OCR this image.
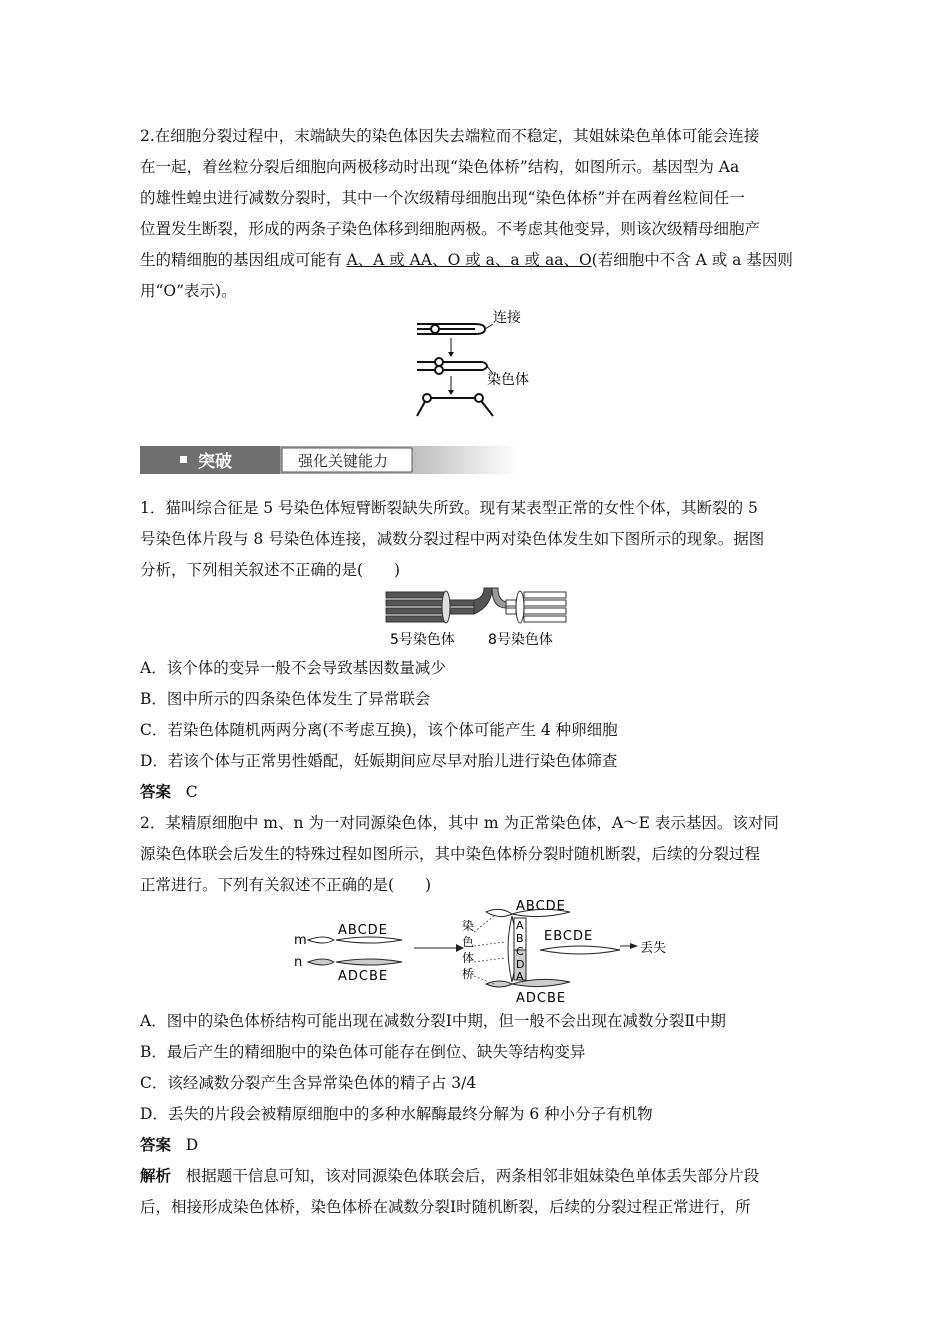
2.在细胞分裂过程中，末端缺失的染色体因失去端粒而不稳定，其姐妹染色单体可能会连接
在一起，着丝粒分裂后细胞向两极移动时出现“染色体桥”结构，如图所示。基因型为 Aa
的雄性蝗虫进行减数分裂时，其中一个次级精母细胞出现“染色体桥”并在两着丝粒间任一
位置发生断裂，形成的两条子染色体移到细胞两极。不考虑其他变异，则该次级精母细胞产
生的精细胞的基因组成可能有 A、A 或 AA、O 或 a、a 或 aa、O(若细胞中不含 A 或 a 基因则
用“O”表示)。
连接
染色体
突破	强化关键能力
1．猫叫综合征是 5 号染色体短臂断裂缺失所致。现有某表型正常的女性个体，其断裂的 5
号染色体片段与 8 号染色体连接，减数分裂过程中两对染色体发生如下图所示的现象。据图
分析，下列相关叙述不正确的是(　　)
5号染色体 8号染色体
A．该个体的变异一般不会导致基因数量减少
B．图中所示的四条染色体发生了异常联会
C．若染色体随机两两分离(不考虑互换)，该个体可能产生 4 种卵细胞
D．若该个体与正常男性婚配，妊娠期间应尽早对胎儿进行染色体筛查
答案 C
2．某精原细胞中 m、n 为一对同源染色体，其中 m 为正常染色体，A～E 表示基因。该对同
源染色体联会后发生的特殊过程如图所示，其中染色体桥分裂时随机断裂，后续的分裂过程
正常进行。下列有关叙述不正确的是(　　)
m
n
ABCDE
ADCBE
染
色
体
桥
ABCDE
ADCBE
A
B
C
D
A
EBCDE
丢失
A．图中的染色体桥结构可能出现在减数分裂Ⅰ中期，但一般不会出现在减数分裂Ⅱ中期
B．最后产生的精细胞中的染色体可能存在倒位、缺失等结构变异
C．该经减数分裂产生含异常染色体的精子占 3/4
D．丢失的片段会被精原细胞中的多种水解酶最终分解为 6 种小分子有机物
答案 D
解析 根据题干信息可知，该对同源染色体联会后，两条相邻非姐妹染色单体丢失部分片段
后，相接形成染色体桥，染色体桥在减数分裂Ⅰ时随机断裂，后续的分裂过程正常进行，所
